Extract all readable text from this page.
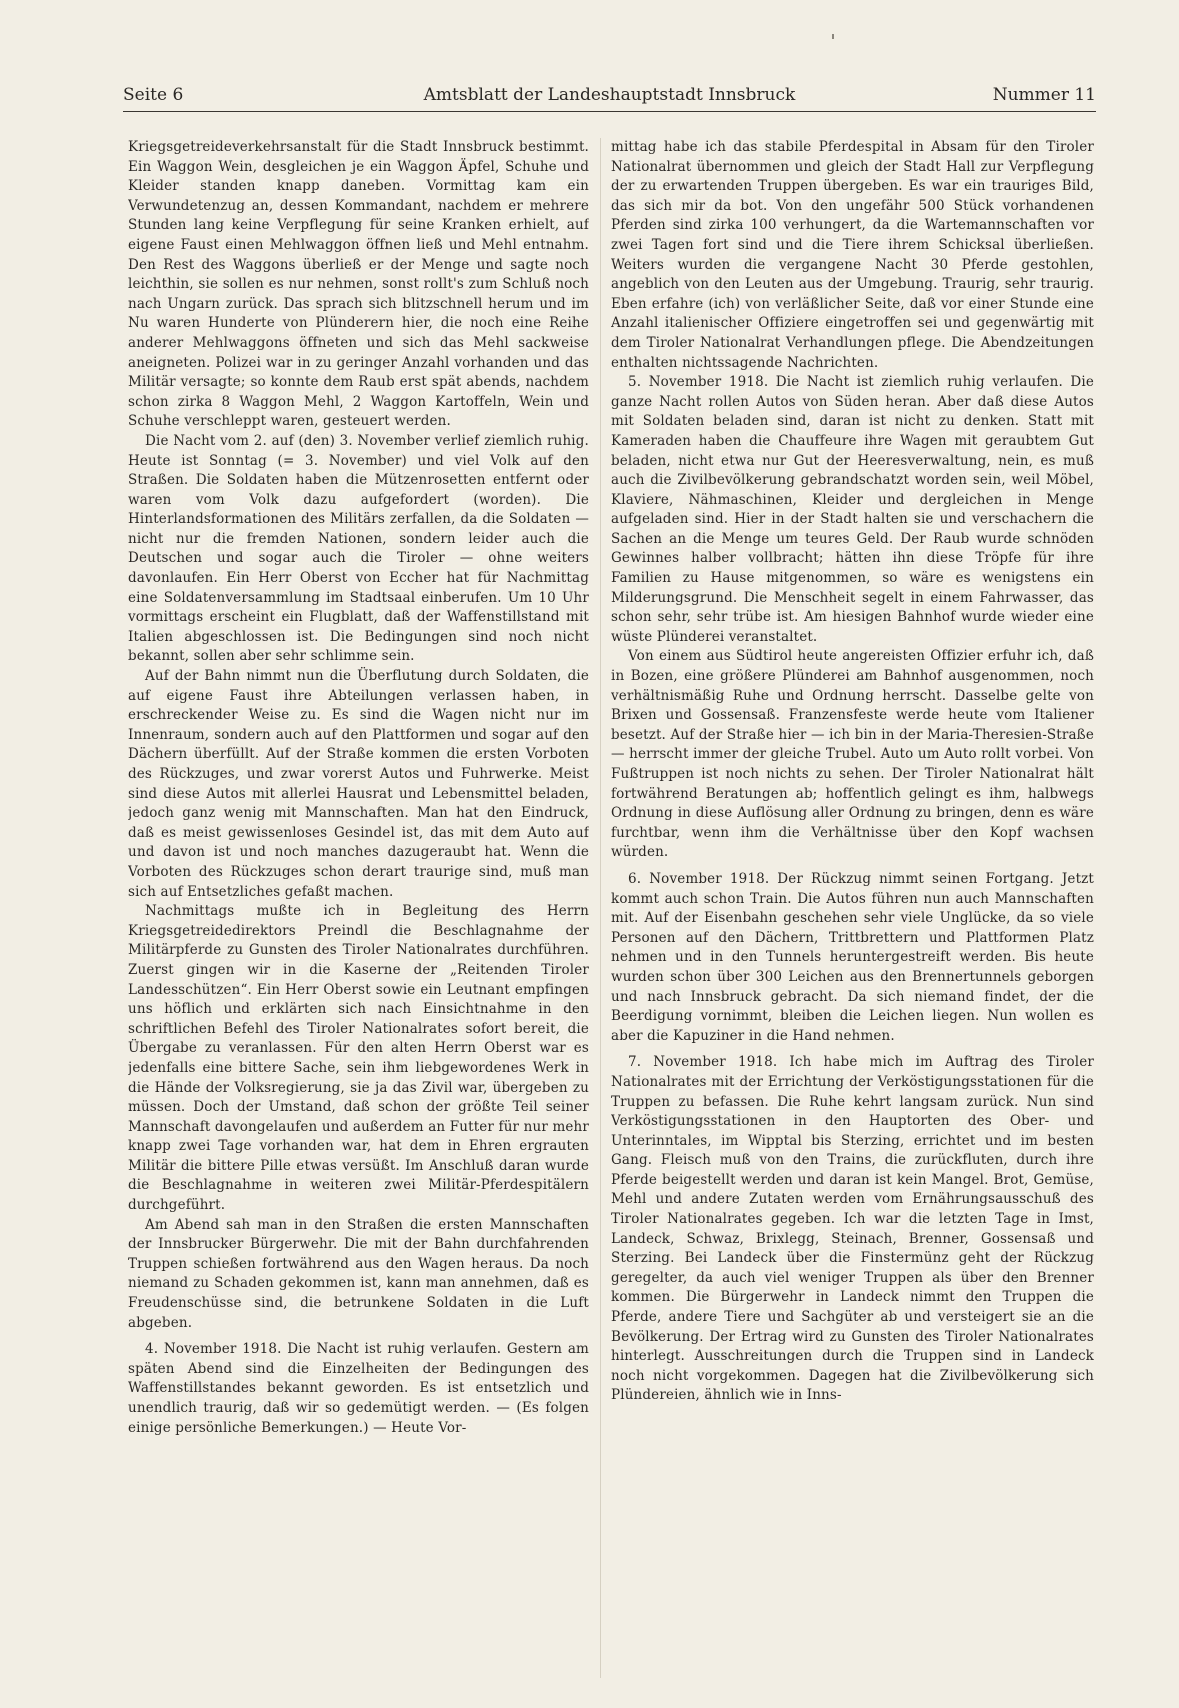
Seite 6	Amtsblatt der Landeshauptstadt Innsbruck	Nummer 11

Kriegsgetreideverkehrsanstalt für die Stadt Innsbruck bestimmt. Ein Waggon Wein, desgleichen je ein Waggon Äpfel, Schuhe und Kleider standen knapp daneben. Vormittag kam ein Verwundetenzug an, dessen Kommandant, nachdem er mehrere Stunden lang keine Verpflegung für seine Kranken erhielt, auf eigene Faust einen Mehlwaggon öffnen ließ und Mehl entnahm. Den Rest des Waggons überließ er der Menge und sagte noch leichthin, sie sollen es nur nehmen, sonst rollt's zum Schluß noch nach Ungarn zurück. Das sprach sich blitzschnell herum und im Nu waren Hunderte von Plünderern hier, die noch eine Reihe anderer Mehlwaggons öffneten und sich das Mehl sackweise aneigneten. Polizei war in zu geringer Anzahl vorhanden und das Militär versagte; so konnte dem Raub erst spät abends, nachdem schon zirka 8 Waggon Mehl, 2 Waggon Kartoffeln, Wein und Schuhe verschleppt waren, gesteuert werden.

Die Nacht vom 2. auf (den) 3. November verlief ziemlich ruhig. Heute ist Sonntag (= 3. November) und viel Volk auf den Straßen. Die Soldaten haben die Mützenrosetten entfernt oder waren vom Volk dazu aufgefordert (worden). Die Hinterlandsformationen des Militärs zerfallen, da die Soldaten — nicht nur die fremden Nationen, sondern leider auch die Deutschen und sogar auch die Tiroler — ohne weiters davonlaufen. Ein Herr Oberst von Eccher hat für Nachmittag eine Soldatenversammlung im Stadtsaal einberufen. Um 10 Uhr vormittags erscheint ein Flugblatt, daß der Waffenstillstand mit Italien abgeschlossen ist. Die Bedingungen sind noch nicht bekannt, sollen aber sehr schlimme sein.

Auf der Bahn nimmt nun die Überflutung durch Soldaten, die auf eigene Faust ihre Abteilungen verlassen haben, in erschreckender Weise zu. Es sind die Wagen nicht nur im Innenraum, sondern auch auf den Plattformen und sogar auf den Dächern überfüllt. Auf der Straße kommen die ersten Vorboten des Rückzuges, und zwar vorerst Autos und Fuhrwerke. Meist sind diese Autos mit allerlei Hausrat und Lebensmittel beladen, jedoch ganz wenig mit Mannschaften. Man hat den Eindruck, daß es meist gewissenloses Gesindel ist, das mit dem Auto auf und davon ist und noch manches dazugeraubt hat. Wenn die Vorboten des Rückzuges schon derart traurige sind, muß man sich auf Entsetzliches gefaßt machen.

Nachmittags mußte ich in Begleitung des Herrn Kriegsgetreidedirektors Preindl die Beschlagnahme der Militärpferde zu Gunsten des Tiroler Nationalrates durchführen. Zuerst gingen wir in die Kaserne der „Reitenden Tiroler Landesschützen“. Ein Herr Oberst sowie ein Leutnant empfingen uns höflich und erklärten sich nach Einsichtnahme in den schriftlichen Befehl des Tiroler Nationalrates sofort bereit, die Übergabe zu veranlassen. Für den alten Herrn Oberst war es jedenfalls eine bittere Sache, sein ihm liebgewordenes Werk in die Hände der Volksregierung, sie ja das Zivil war, übergeben zu müssen. Doch der Umstand, daß schon der größte Teil seiner Mannschaft davongelaufen und außerdem an Futter für nur mehr knapp zwei Tage vorhanden war, hat dem in Ehren ergrauten Militär die bittere Pille etwas versüßt. Im Anschluß daran wurde die Beschlagnahme in weiteren zwei Militär-Pferdespitälern durchgeführt.

Am Abend sah man in den Straßen die ersten Mannschaften der Innsbrucker Bürgerwehr. Die mit der Bahn durchfahrenden Truppen schießen fortwährend aus den Wagen heraus. Da noch niemand zu Schaden gekommen ist, kann man annehmen, daß es Freudenschüsse sind, die betrunkene Soldaten in die Luft abgeben.

4. November 1918. Die Nacht ist ruhig verlaufen. Gestern am späten Abend sind die Einzelheiten der Bedingungen des Waffenstillstandes bekannt geworden. Es ist entsetzlich und unendlich traurig, daß wir so gedemütigt werden. — (Es folgen einige persönliche Bemerkungen.) — Heute Vor-

mittag habe ich das stabile Pferdespital in Absam für den Tiroler Nationalrat übernommen und gleich der Stadt Hall zur Verpflegung der zu erwartenden Truppen übergeben. Es war ein trauriges Bild, das sich mir da bot. Von den ungefähr 500 Stück vorhandenen Pferden sind zirka 100 verhungert, da die Wartemannschaften vor zwei Tagen fort sind und die Tiere ihrem Schicksal überließen. Weiters wurden die vergangene Nacht 30 Pferde gestohlen, angeblich von den Leuten aus der Umgebung. Traurig, sehr traurig. Eben erfahre (ich) von verläßlicher Seite, daß vor einer Stunde eine Anzahl italienischer Offiziere eingetroffen sei und gegenwärtig mit dem Tiroler Nationalrat Verhandlungen pflege. Die Abendzeitungen enthalten nichtssagende Nachrichten.

5. November 1918. Die Nacht ist ziemlich ruhig verlaufen. Die ganze Nacht rollen Autos von Süden heran. Aber daß diese Autos mit Soldaten beladen sind, daran ist nicht zu denken. Statt mit Kameraden haben die Chauffeure ihre Wagen mit geraubtem Gut beladen, nicht etwa nur Gut der Heeresverwaltung, nein, es muß auch die Zivilbevölkerung gebrandschatzt worden sein, weil Möbel, Klaviere, Nähmaschinen, Kleider und dergleichen in Menge aufgeladen sind. Hier in der Stadt halten sie und verschachern die Sachen an die Menge um teures Geld. Der Raub wurde schnöden Gewinnes halber vollbracht; hätten ihn diese Tröpfe für ihre Familien zu Hause mitgenommen, so wäre es wenigstens ein Milderungsgrund. Die Menschheit segelt in einem Fahrwasser, das schon sehr, sehr trübe ist. Am hiesigen Bahnhof wurde wieder eine wüste Plünderei veranstaltet.

Von einem aus Südtirol heute angereisten Offizier erfuhr ich, daß in Bozen, eine größere Plünderei am Bahnhof ausgenommen, noch verhältnismäßig Ruhe und Ordnung herrscht. Dasselbe gelte von Brixen und Gossensaß. Franzensfeste werde heute vom Italiener besetzt. Auf der Straße hier — ich bin in der Maria-Theresien-Straße — herrscht immer der gleiche Trubel. Auto um Auto rollt vorbei. Von Fußtruppen ist noch nichts zu sehen. Der Tiroler Nationalrat hält fortwährend Beratungen ab; hoffentlich gelingt es ihm, halbwegs Ordnung in diese Auflösung aller Ordnung zu bringen, denn es wäre furchtbar, wenn ihm die Verhältnisse über den Kopf wachsen würden.

6. November 1918. Der Rückzug nimmt seinen Fortgang. Jetzt kommt auch schon Train. Die Autos führen nun auch Mannschaften mit. Auf der Eisenbahn geschehen sehr viele Unglücke, da so viele Personen auf den Dächern, Trittbrettern und Plattformen Platz nehmen und in den Tunnels heruntergestreift werden. Bis heute wurden schon über 300 Leichen aus den Brennertunnels geborgen und nach Innsbruck gebracht. Da sich niemand findet, der die Beerdigung vornimmt, bleiben die Leichen liegen. Nun wollen es aber die Kapuziner in die Hand nehmen.

7. November 1918. Ich habe mich im Auftrag des Tiroler Nationalrates mit der Errichtung der Verköstigungsstationen für die Truppen zu befassen. Die Ruhe kehrt langsam zurück. Nun sind Verköstigungsstationen in den Hauptorten des Ober- und Unterinntales, im Wipptal bis Sterzing, errichtet und im besten Gang. Fleisch muß von den Trains, die zurückfluten, durch ihre Pferde beigestellt werden und daran ist kein Mangel. Brot, Gemüse, Mehl und andere Zutaten werden vom Ernährungsausschuß des Tiroler Nationalrates gegeben. Ich war die letzten Tage in Imst, Landeck, Schwaz, Brixlegg, Steinach, Brenner, Gossensaß und Sterzing. Bei Landeck über die Finstermünz geht der Rückzug geregelter, da auch viel weniger Truppen als über den Brenner kommen. Die Bürgerwehr in Landeck nimmt den Truppen die Pferde, andere Tiere und Sachgüter ab und versteigert sie an die Bevölkerung. Der Ertrag wird zu Gunsten des Tiroler Nationalrates hinterlegt. Ausschreitungen durch die Truppen sind in Landeck noch nicht vorgekommen. Dagegen hat die Zivilbevölkerung sich Plündereien, ähnlich wie in Inns-
